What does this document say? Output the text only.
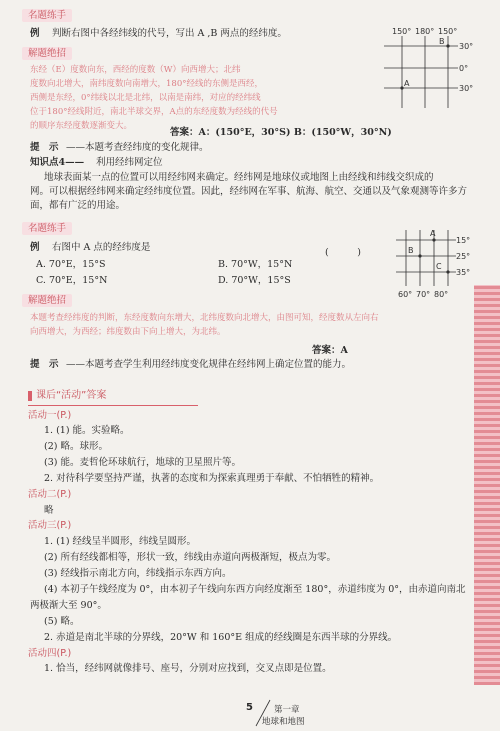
名题练手
例 判断右图中各经纬线的代号，写出 A ,B 两点的经纬度。
解题绝招
东经（E）度数向东，西经的度数（W）向西增大；北纬
度数向北增大，南纬度数向南增大，180°经线的东侧是西经，
西侧是东经，0°纬线以北是北纬，以南是南纬，对应的经纬线
位于180°经线附近，南北半球交界，A点的东经度数为经线的代号
的顺序东经度数逐渐变大。
150° 180° 150°
30°
0°
30°
A
B
答案：A：(150°E，30°S) B：(150°W，30°N)
提　示 ——本题考查经纬度的变化规律。
知识点4—— 利用经纬网定位
地球表面某一点的位置可以用经纬网来确定。经纬网是地球仪或地图上由经线和纬线交织成的
网。可以根据经纬网来确定经纬度位置。因此，经纬网在军事、航海、航空、交通以及气象观测等许多方
面，都有广泛的用途。
名题练手
例 右图中 A 点的经纬度是	(　　　)
A. 70°E，15°S	B. 70°W，15°N
C. 70°E，15°N	D. 70°W，15°S
15°
25°
35°
60° 70° 80°
A
B
C
解题绝招
本题考查经纬度的判断，东经度数向东增大，北纬度数向北增大，由图可知，经度数从左向右
向西增大，为西经；纬度数由下向上增大，为北纬。
答案：A
提　示 ——本题考查学生利用经纬度变化规律在经纬网上确定位置的能力。
课后“活动”答案
活动一(P.)
1. (1) 能。实验略。
(2) 略。球形。
(3) 能。麦哲伦环球航行，地球的卫星照片等。
2. 对待科学要坚持严谨，执著的态度和为探索真理勇于奉献、不怕牺牲的精神。
活动二(P.)
略
活动三(P.)
1. (1) 经线呈半圆形，纬线呈圆形。
(2) 所有经线都相等，形状一致，纬线由赤道向两极渐短，极点为零。
(3) 经线指示南北方向，纬线指示东西方向。
(4) 本初子午线经度为 0°，由本初子午线向东西方向经度渐至 180°，赤道纬度为 0°，由赤道向南北
两极渐大至 90°。
(5) 略。
2. 赤道是南北半球的分界线，20°W 和 160°E 组成的经线圈是东西半球的分界线。
活动四(P.)
1. 恰当，经纬网就像排号、座号，分别对应找到，交叉点即是位置。
5 第一章
地球和地图
